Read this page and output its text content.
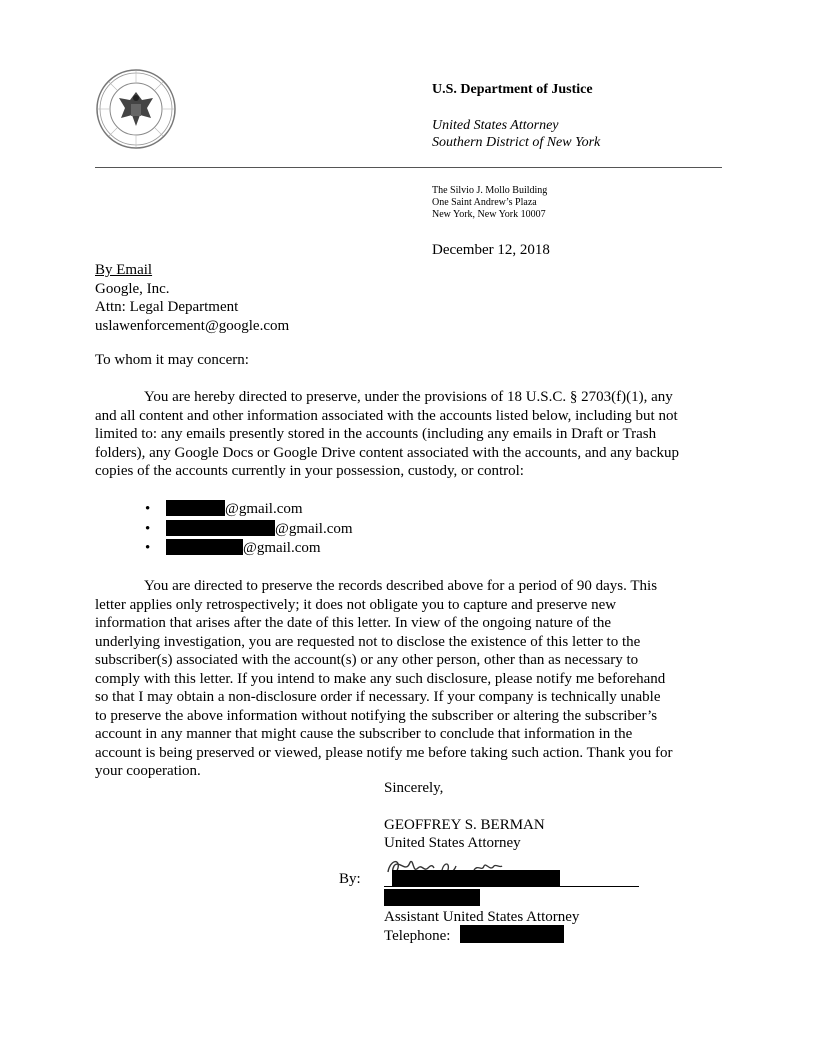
U.S. Department of Justice
United States Attorney
Southern District of New York
The Silvio J. Mollo Building
One Saint Andrew’s Plaza
New York, New York 10007
December 12, 2018
By Email
Google, Inc.
Attn: Legal Department
uslawenforcement@google.com
To whom it may concern:
You are hereby directed to preserve, under the provisions of 18 U.S.C. § 2703(f)(1), any
and all content and other information associated with the accounts listed below, including but not
limited to: any emails presently stored in the accounts (including any emails in Draft or Trash
folders), any Google Docs or Google Drive content associated with the accounts, and any backup
copies of the accounts currently in your possession, custody, or control:
•	@gmail.com
•	@gmail.com
•	@gmail.com
You are directed to preserve the records described above for a period of 90 days. This
letter applies only retrospectively; it does not obligate you to capture and preserve new
information that arises after the date of this letter. In view of the ongoing nature of the
underlying investigation, you are requested not to disclose the existence of this letter to the
subscriber(s) associated with the account(s) or any other person, other than as necessary to
comply with this letter. If you intend to make any such disclosure, please notify me beforehand
so that I may obtain a non-disclosure order if necessary. If your company is technically unable
to preserve the above information without notifying the subscriber or altering the subscriber’s
account in any manner that might cause the subscriber to conclude that information in the
account is being preserved or viewed, please notify me before taking such action. Thank you for
your cooperation.
Sincerely,
GEOFFREY S. BERMAN
United States Attorney
By:
Assistant United States Attorney
Telephone:
